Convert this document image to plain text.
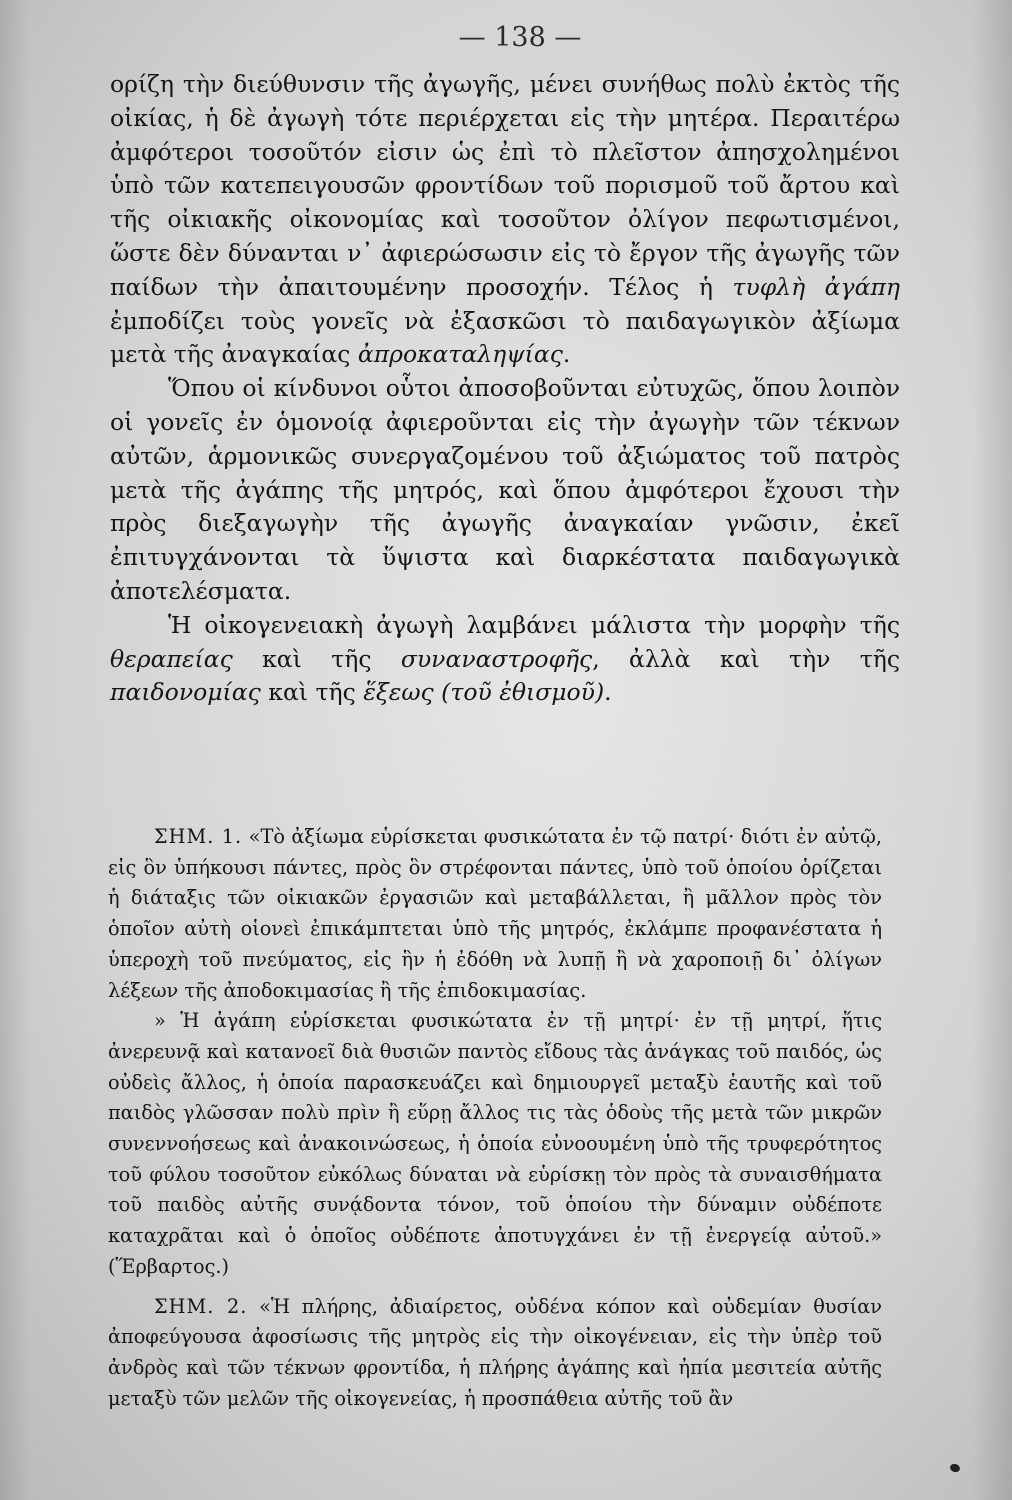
— 138 —

ορίζη τὴν διεύθυνσιν τῆς ἀγωγῆς, μένει συνήθως πολὺ ἐκτὸς τῆς οἰκίας, ἡ δὲ ἀγωγὴ τότε περιέρχεται εἰς τὴν μητέρα. Περαιτέρω ἀμφότεροι τοσοῦτόν εἰσιν ὡς ἐπὶ τὸ πλεῖστον ἀπησχολημένοι ὑπὸ τῶν κατεπειγουσῶν φροντίδων τοῦ πορισμοῦ τοῦ ἄρτου καὶ τῆς οἰκιακῆς οἰκονομίας καὶ τοσοῦτον ὀλίγον πεφωτισμένοι, ὥστε δὲν δύνανται ν᾽ ἀφιερώσωσιν εἰς τὸ ἔργον τῆς ἀγωγῆς τῶν παίδων τὴν ἀπαιτουμένην προσοχήν. Τέλος ἡ τυφλὴ ἀγάπη ἐμποδίζει τοὺς γονεῖς νὰ ἐξασκῶσι τὸ παιδαγωγικὸν ἀξίωμα μετὰ τῆς ἀναγκαίας ἀπροκαταληψίας.

Ὅπου οἱ κίνδυνοι οὗτοι ἀποσοβοῦνται εὐτυχῶς, ὅπου λοιπὸν οἱ γονεῖς ἐν ὁμονοίᾳ ἀφιεροῦνται εἰς τὴν ἀγωγὴν τῶν τέκνων αὐτῶν, ἁρμονικῶς συνεργαζομένου τοῦ ἀξιώματος τοῦ πατρὸς μετὰ τῆς ἀγάπης τῆς μητρός, καὶ ὅπου ἀμφότεροι ἔχουσι τὴν πρὸς διεξαγωγὴν τῆς ἀγωγῆς ἀναγκαίαν γνῶσιν, ἐκεῖ ἐπιτυγχάνονται τὰ ὕψιστα καὶ διαρκέστατα παιδαγωγικὰ ἀποτελέσματα.

Ἡ οἰκογενειακὴ ἀγωγὴ λαμβάνει μάλιστα τὴν μορφὴν τῆς θεραπείας καὶ τῆς συναναστροφῆς, ἀλλὰ καὶ τὴν τῆς παιδονομίας καὶ τῆς ἕξεως (τοῦ ἐθισμοῦ).

ΣΗΜ. 1. «Τὸ ἀξίωμα εὑρίσκεται φυσικώτατα ἐν τῷ πατρί· διότι ἐν αὐτῷ, εἰς ὃν ὑπήκουσι πάντες, πρὸς ὃν στρέφονται πάντες, ὑπὸ τοῦ ὁποίου ὁρίζεται ἡ διάταξις τῶν οἰκιακῶν ἐργασιῶν καὶ μεταβάλλεται, ἢ μᾶλλον πρὸς τὸν ὁποῖον αὐτὴ οἱονεὶ ἐπικάμπτεται ὑπὸ τῆς μητρός, ἐκλάμπε προφανέστατα ἡ ὑπεροχὴ τοῦ πνεύματος, εἰς ἣν ἡ ἐδόθη νὰ λυπῇ ἢ νὰ χαροποιῇ δι᾽ ὀλίγων λέξεων τῆς ἀποδοκιμασίας ἢ τῆς ἐπιδοκιμασίας.

» Ἡ ἀγάπη εὑρίσκεται φυσικώτατα ἐν τῇ μητρί· ἐν τῇ μητρί, ἥτις ἀνερευνᾷ καὶ κατανοεῖ διὰ θυσιῶν παντὸς εἴδους τὰς ἀνάγκας τοῦ παιδός, ὡς οὐδεὶς ἄλλος, ἡ ὁποία παρασκευάζει καὶ δημιουργεῖ μεταξὺ ἑαυτῆς καὶ τοῦ παιδὸς γλῶσσαν πολὺ πρὶν ἢ εὕρῃ ἄλλος τις τὰς ὁδοὺς τῆς μετὰ τῶν μικρῶν συνεννοήσεως καὶ ἀνακοινώσεως, ἡ ὁποία εὐνοουμένη ὑπὸ τῆς τρυφερότητος τοῦ φύλου τοσοῦτον εὐκόλως δύναται νὰ εὑρίσκῃ τὸν πρὸς τὰ συναισθήματα τοῦ παιδὸς αὐτῆς συνᾴδοντα τόνον, τοῦ ὁποίου τὴν δύναμιν οὐδέποτε καταχρᾶται καὶ ὁ ὁποῖος οὐδέποτε ἀποτυγχάνει ἐν τῇ ἐνεργείᾳ αὐτοῦ.» (Ἕρβαρτος.)

ΣΗΜ. 2. «Ἡ πλήρης, ἀδιαίρετος, οὐδένα κόπον καὶ οὐδεμίαν θυσίαν ἀποφεύγουσα ἀφοσίωσις τῆς μητρὸς εἰς τὴν οἰκογένειαν, εἰς τὴν ὑπὲρ τοῦ ἀνδρὸς καὶ τῶν τέκνων φροντίδα, ἡ πλήρης ἀγάπης καὶ ἠπία μεσιτεία αὐτῆς μεταξὺ τῶν μελῶν τῆς οἰκογενείας, ἡ προσπάθεια αὐτῆς τοῦ ἂν
